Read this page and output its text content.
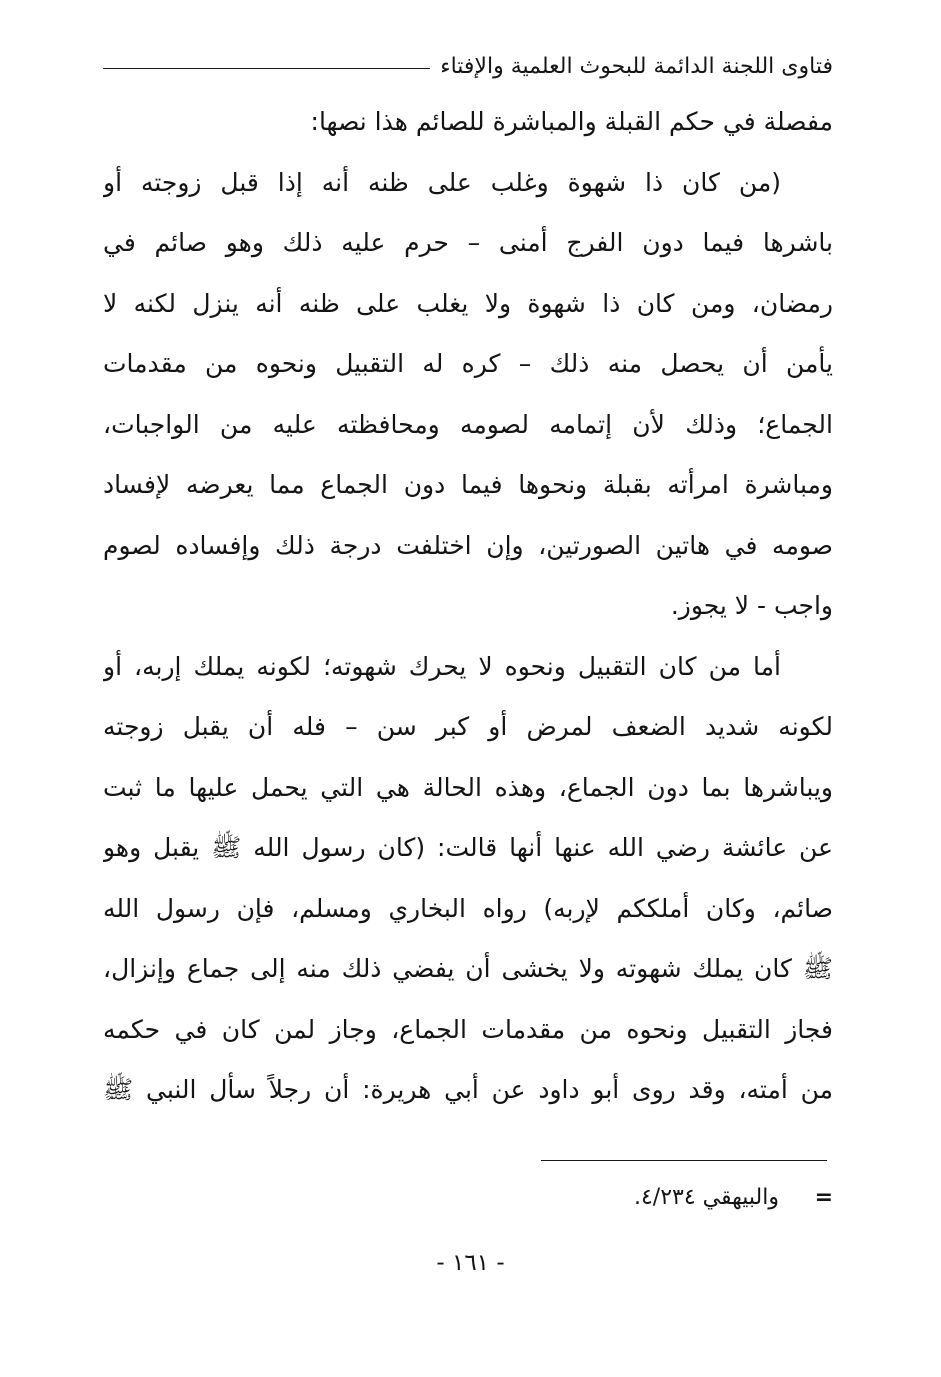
فتاوى اللجنة الدائمة للبحوث العلمية والإفتاء
مفصلة في حكم القبلة والمباشرة للصائم هذا نصها:
(من كان ذا شهوة وغلب على ظنه أنه إذا قبل زوجته أو
باشرها فيما دون الفرج أمنى – حرم عليه ذلك وهو صائم في
رمضان، ومن كان ذا شهوة ولا يغلب على ظنه أنه ينزل لكنه لا
يأمن أن يحصل منه ذلك – كره له التقبيل ونحوه من مقدمات
الجماع؛ وذلك لأن إتمامه لصومه ومحافظته عليه من الواجبات،
ومباشرة امرأته بقبلة ونحوها فيما دون الجماع مما يعرضه لإفساد
صومه في هاتين الصورتين، وإن اختلفت درجة ذلك وإفساده لصوم
واجب - لا يجوز.
أما من كان التقبيل ونحوه لا يحرك شهوته؛ لكونه يملك إربه، أو
لكونه شديد الضعف لمرض أو كبر سن – فله أن يقبل زوجته
ويباشرها بما دون الجماع، وهذه الحالة هي التي يحمل عليها ما ثبت
عن عائشة رضي الله عنها أنها قالت: (كان رسول الله ﷺ يقبل وهو
صائم، وكان أملككم لإربه) رواه البخاري ومسلم، فإن رسول الله
ﷺ كان يملك شهوته ولا يخشى أن يفضي ذلك منه إلى جماع وإنزال،
فجاز التقبيل ونحوه من مقدمات الجماع، وجاز لمن كان في حكمه
من أمته، وقد روى أبو داود عن أبي هريرة: أن رجلاً سأل النبي ﷺ
=
والبيهقي ٤/٢٣٤.
- ١٦١ -
